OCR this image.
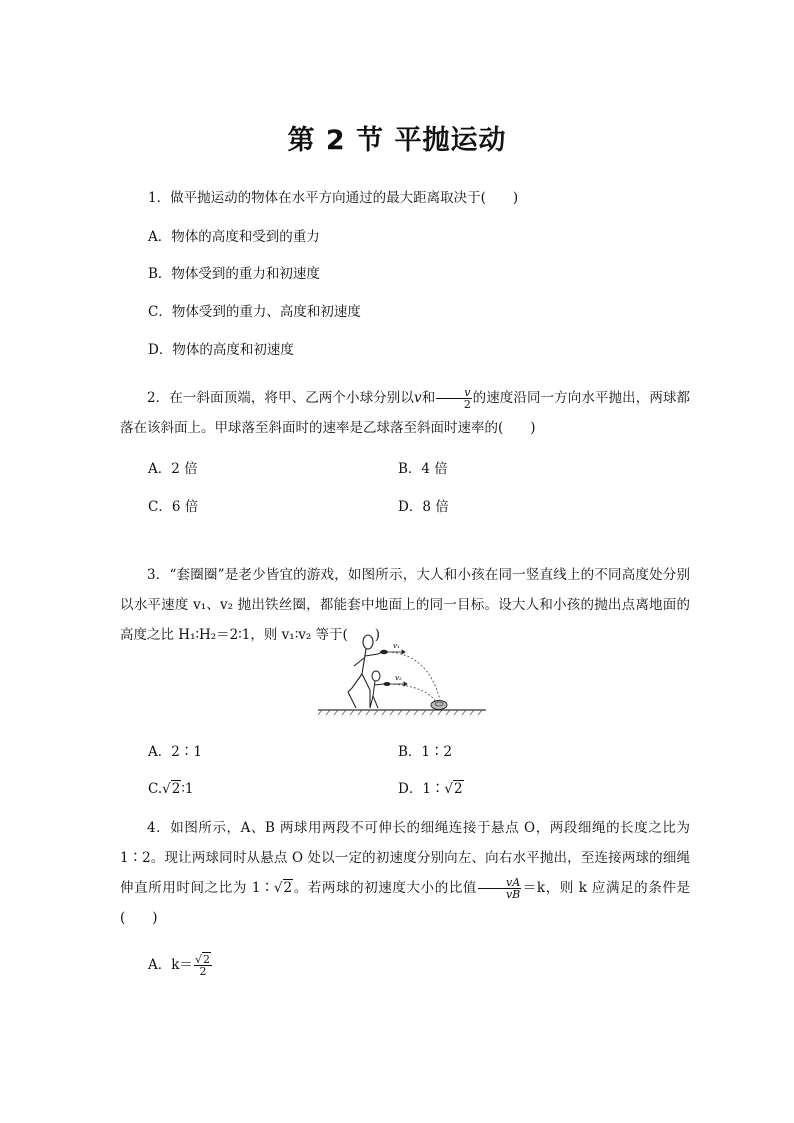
第 2 节 平抛运动
1．做平抛运动的物体在水平方向通过的最大距离取决于(　　)
A．物体的高度和受到的重力
B．物体受到的重力和初速度
C．物体受到的重力、高度和初速度
D．物体的高度和初速度
2．在一斜面顶端，将甲、乙两个小球分别以v和 $\frac{v}{2}$ 的速度沿同一方向水平抛出，两球都落在该斜面上。甲球落至斜面时的速率是乙球落至斜面时速率的(　　)
A．2 倍	B．4 倍
C．6 倍	D．8 倍
3．“套圈圈”是老少皆宜的游戏，如图所示，大人和小孩在同一竖直线上的不同高度处分别以水平速度 v₁、v₂ 抛出铁丝圈，都能套中地面上的同一目标。设大人和小孩的抛出点离地面的高度之比 H₁∶H₂＝2∶1，则 v₁∶v₂ 等于(　　)
v₁
v₂
A．2∶1	B．1∶2
C.√2∶1	D．1∶√2
4．如图所示，A、B 两球用两段不可伸长的细绳连接于悬点 O，两段细绳的长度之比为 1∶2。现让两球同时从悬点 O 处以一定的初速度分别向左、向右水平抛出，至连接两球的细绳伸直所用时间之比为 1∶√2。若两球的初速度大小的比值 $\frac{vA}{vB} =k$，则 k 应满足的条件是(　　)
A．$k= \frac{√2}{2}$
